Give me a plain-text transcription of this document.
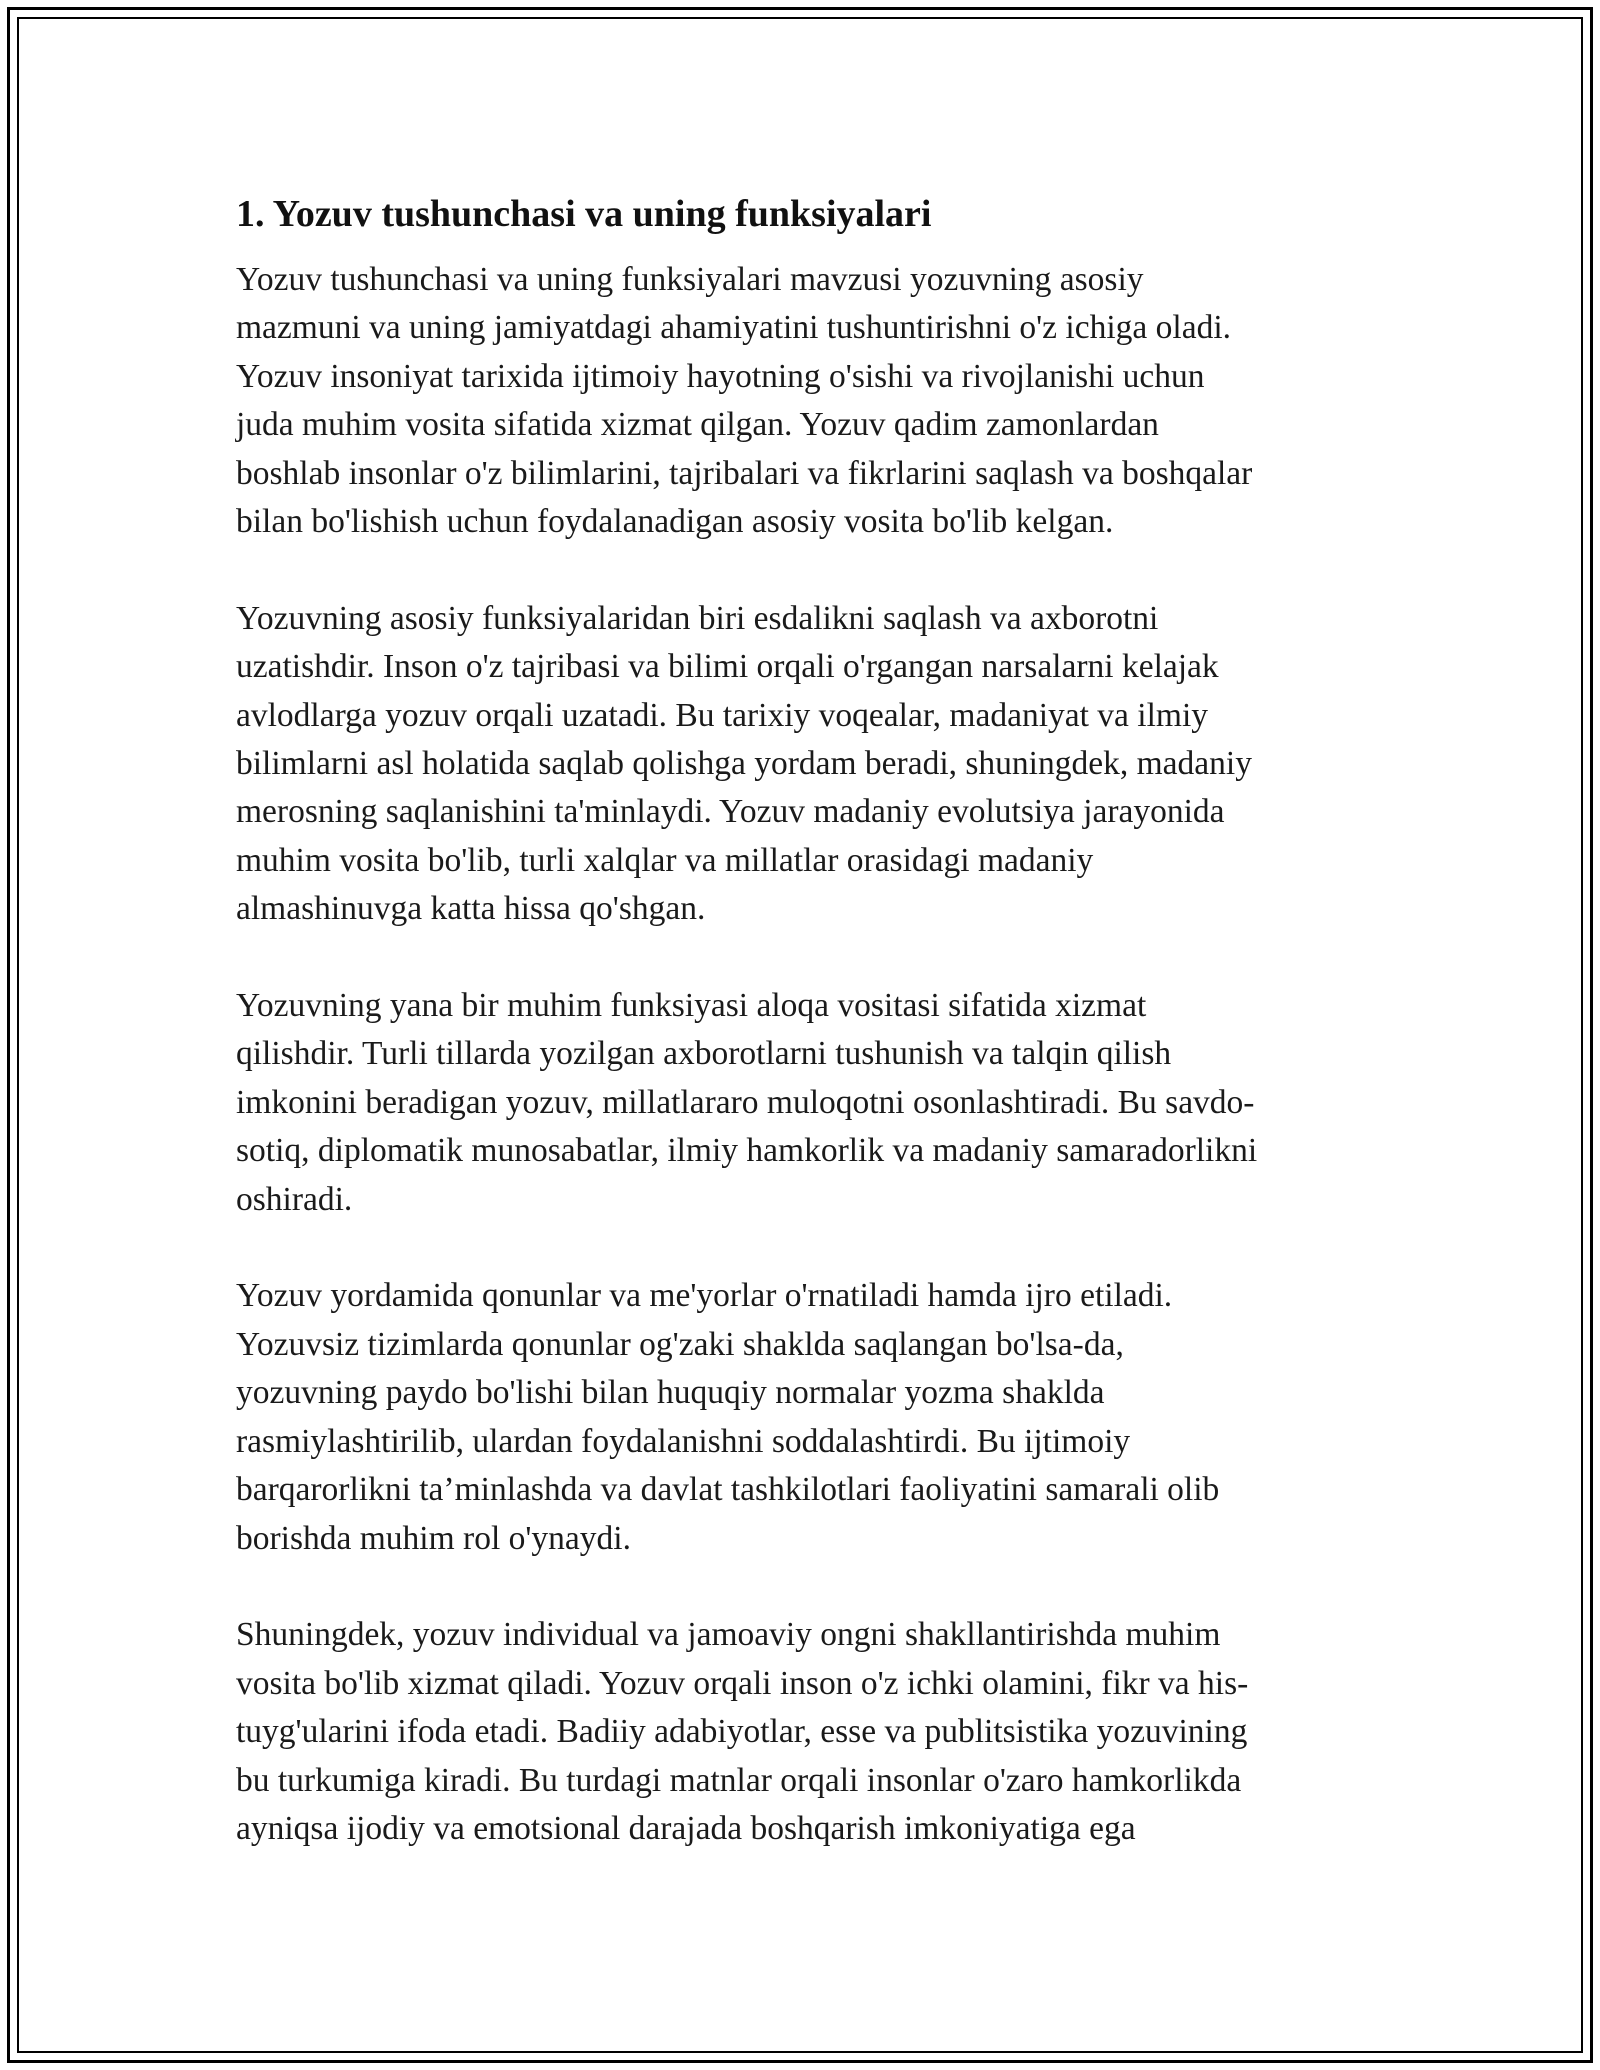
1. Yozuv tushunchasi va uning funksiyalari

Yozuv tushunchasi va uning funksiyalari mavzusi yozuvning asosiy
mazmuni va uning jamiyatdagi ahamiyatini tushuntirishni o'z ichiga oladi.
Yozuv insoniyat tarixida ijtimoiy hayotning o'sishi va rivojlanishi uchun
juda muhim vosita sifatida xizmat qilgan. Yozuv qadim zamonlardan
boshlab insonlar o'z bilimlarini, tajribalari va fikrlarini saqlash va boshqalar
bilan bo'lishish uchun foydalanadigan asosiy vosita bo'lib kelgan.

Yozuvning asosiy funksiyalaridan biri esdalikni saqlash va axborotni
uzatishdir. Inson o'z tajribasi va bilimi orqali o'rgangan narsalarni kelajak
avlodlarga yozuv orqali uzatadi. Bu tarixiy voqealar, madaniyat va ilmiy
bilimlarni asl holatida saqlab qolishga yordam beradi, shuningdek, madaniy
merosning saqlanishini ta'minlaydi. Yozuv madaniy evolutsiya jarayonida
muhim vosita bo'lib, turli xalqlar va millatlar orasidagi madaniy
almashinuvga katta hissa qo'shgan.

Yozuvning yana bir muhim funksiyasi aloqa vositasi sifatida xizmat
qilishdir. Turli tillarda yozilgan axborotlarni tushunish va talqin qilish
imkonini beradigan yozuv, millatlararo muloqotni osonlashtiradi. Bu savdo-
sotiq, diplomatik munosabatlar, ilmiy hamkorlik va madaniy samaradorlikni
oshiradi.

Yozuv yordamida qonunlar va me'yorlar o'rnatiladi hamda ijro etiladi.
Yozuvsiz tizimlarda qonunlar og'zaki shaklda saqlangan bo'lsa-da,
yozuvning paydo bo'lishi bilan huquqiy normalar yozma shaklda
rasmiylashtirilib, ulardan foydalanishni soddalashtirdi. Bu ijtimoiy
barqarorlikni ta’minlashda va davlat tashkilotlari faoliyatini samarali olib
borishda muhim rol o'ynaydi.

Shuningdek, yozuv individual va jamoaviy ongni shakllantirishda muhim
vosita bo'lib xizmat qiladi. Yozuv orqali inson o'z ichki olamini, fikr va his-
tuyg'ularini ifoda etadi. Badiiy adabiyotlar, esse va publitsistika yozuvining
bu turkumiga kiradi. Bu turdagi matnlar orqali insonlar o'zaro hamkorlikda
ayniqsa ijodiy va emotsional darajada boshqarish imkoniyatiga ega
